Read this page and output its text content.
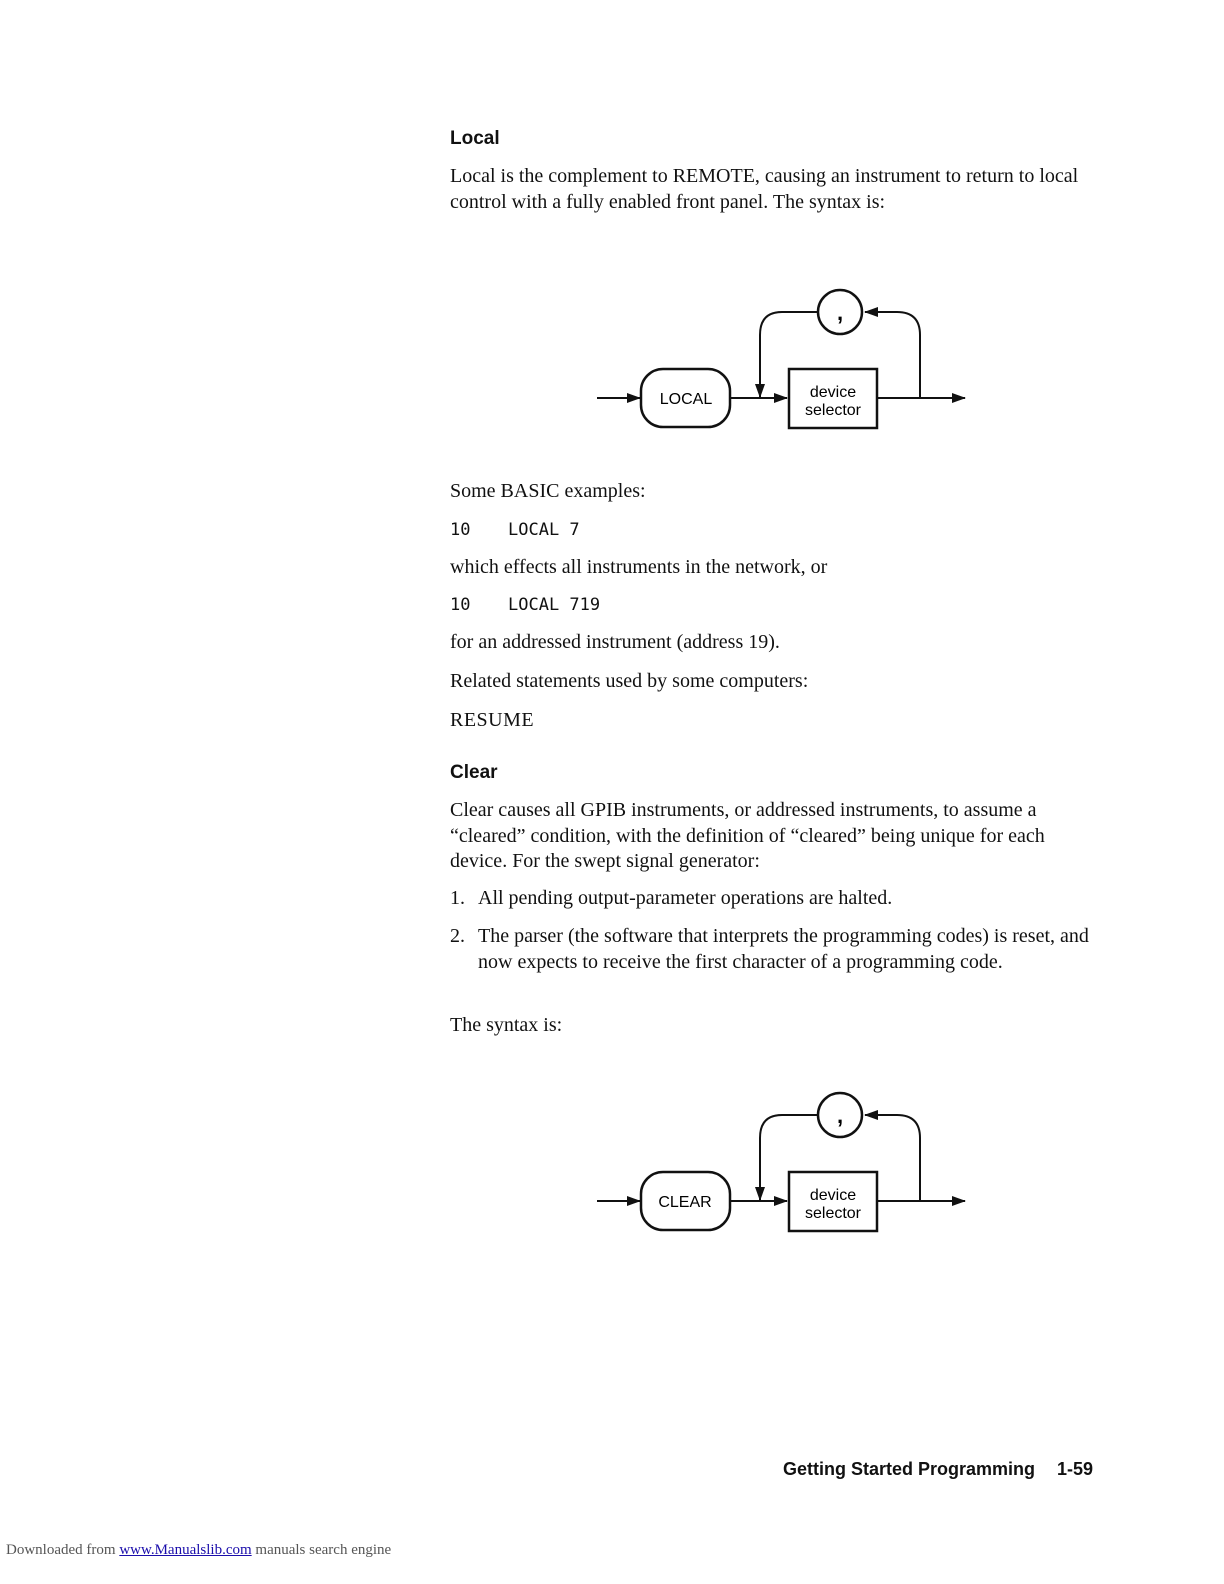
Local

Local is the complement to REMOTE, causing an instrument to return to local control with a fully enabled front panel. The syntax is:

LOCAL	device
selector
,

Some BASIC examples:

10 LOCAL 7

which effects all instruments in the network, or

10 LOCAL 719

for an addressed instrument (address 19).

Related statements used by some computers:

RESUME

Clear

Clear causes all GPIB instruments, or addressed instruments, to assume a “cleared” condition, with the definition of “cleared” being unique for each device. For the swept signal generator:

1. All pending output-parameter operations are halted.
2. The parser (the software that interprets the programming codes) is reset, and now expects to receive the first character of a programming code.

The syntax is:

CLEAR	device
selector
,
Getting Started Programming 1-59
Downloaded from www.Manualslib.com manuals search engine
